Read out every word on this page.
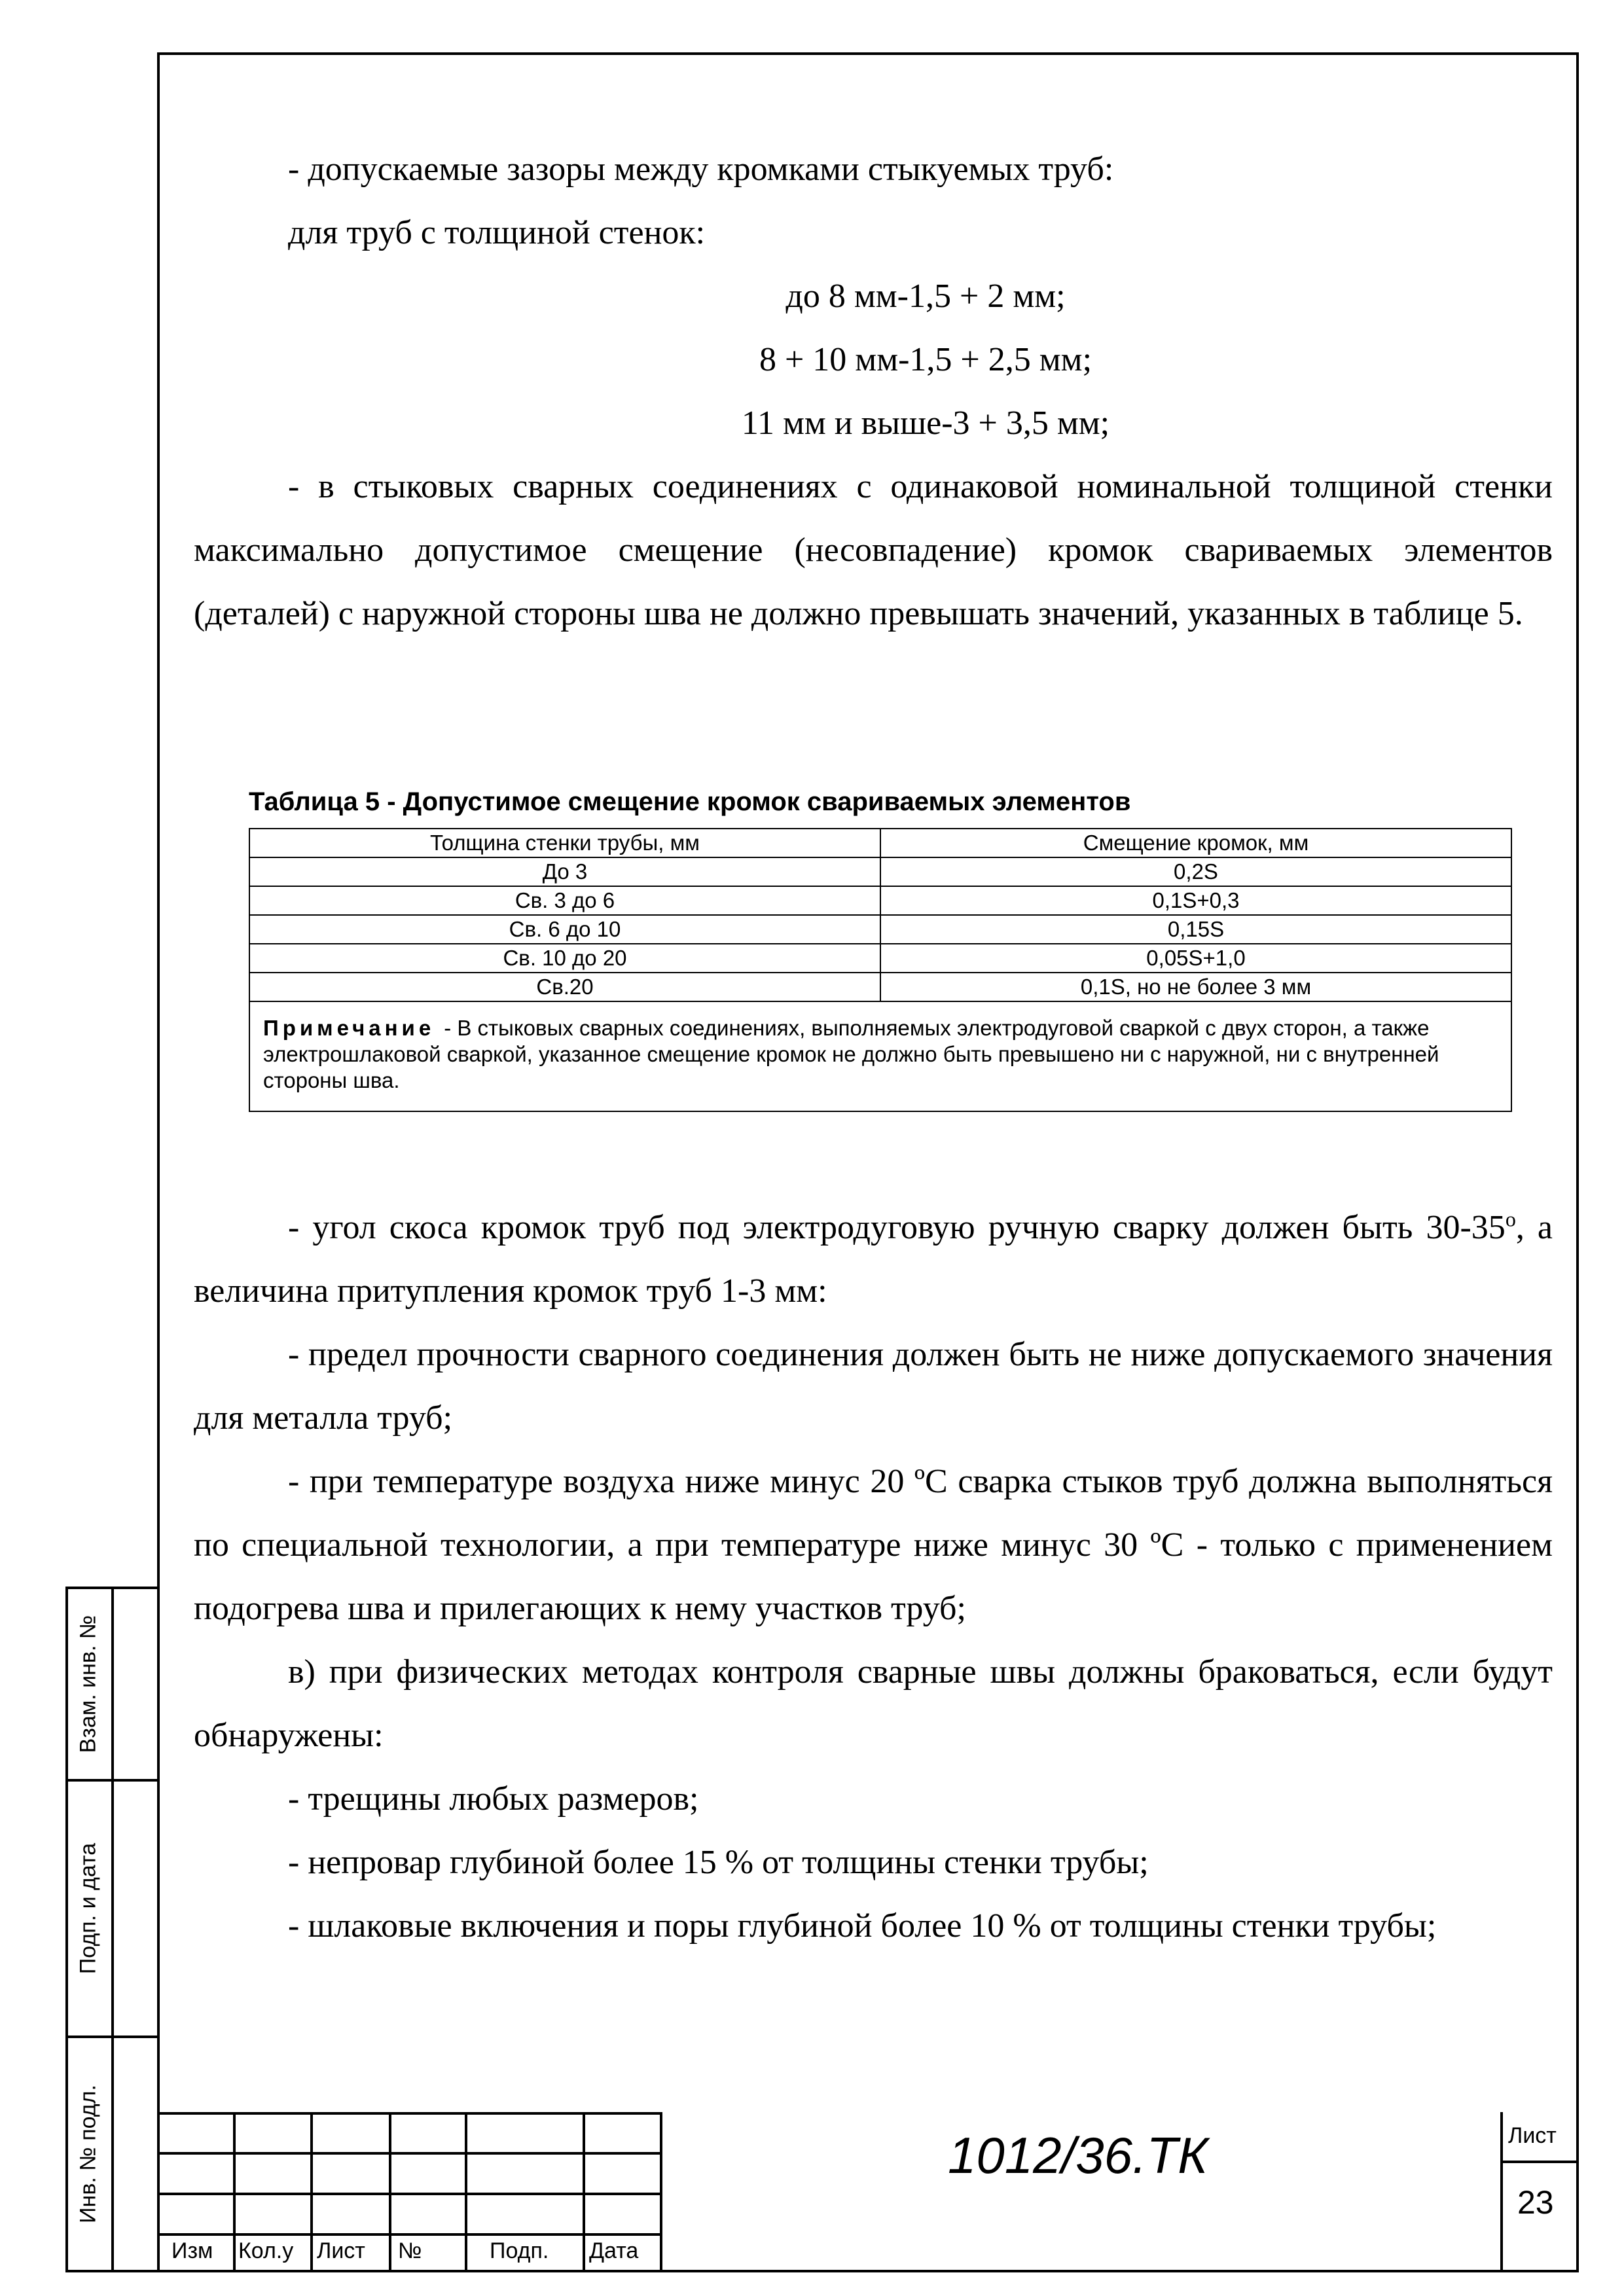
- допускаемые зазоры между кромками стыкуемых труб:

для труб с толщиной стенок:

до 8 мм-1,5 + 2 мм;

8 + 10 мм-1,5 + 2,5 мм;

11 мм и выше-3 + 3,5 мм;

- в стыковых сварных соединениях с одинаковой номинальной толщиной стенки максимально допустимое смещение (несовпадение) кромок свариваемых элементов (деталей) с наружной стороны шва не должно превышать значений, указанных в таблице 5.

Таблица 5 - Допустимое смещение кромок свариваемых элементов
Толщина стенки трубы, мм	Смещение кромок, мм
До 3	0,2S
Св. 3 до 6	0,1S+0,3
Св. 6 до 10	0,15S
Св. 10 до 20	0,05S+1,0
Св.20	0,1S, но не более 3 мм
Примечание - В стыковых сварных соединениях, выполняемых электродуговой сваркой с двух сторон, а также электрошлаковой сваркой, указанное смещение кромок не должно быть превышено ни с наружной, ни с внутренней стороны шва.	

- угол скоса кромок труб под электродуговую ручную сварку должен быть $30-35^о$, а величина притупления кромок труб 1-3 мм:

- предел прочности сварного соединения должен быть не ниже допускаемого значения для металла труб;

- при температуре воздуха ниже минус 20 ºС сварка стыков труб должна выполняться по специальной технологии, а при температуре ниже минус 30 ºС - только с применением подогрева шва и прилегающих к нему участков труб;

в) при физических методах контроля сварные швы должны браковаться, если будут обнаружены:

- трещины любых размеров;

- непровар глубиной более 15 % от толщины стенки трубы;

- шлаковые включения и поры глубиной более 10 % от толщины стенки трубы;

Взам. инв. №
Подп. и дата
Инв. № подл.
Изм Кол.у Лист №	Подп. Дата
1012/36.ТК	Лист
23
